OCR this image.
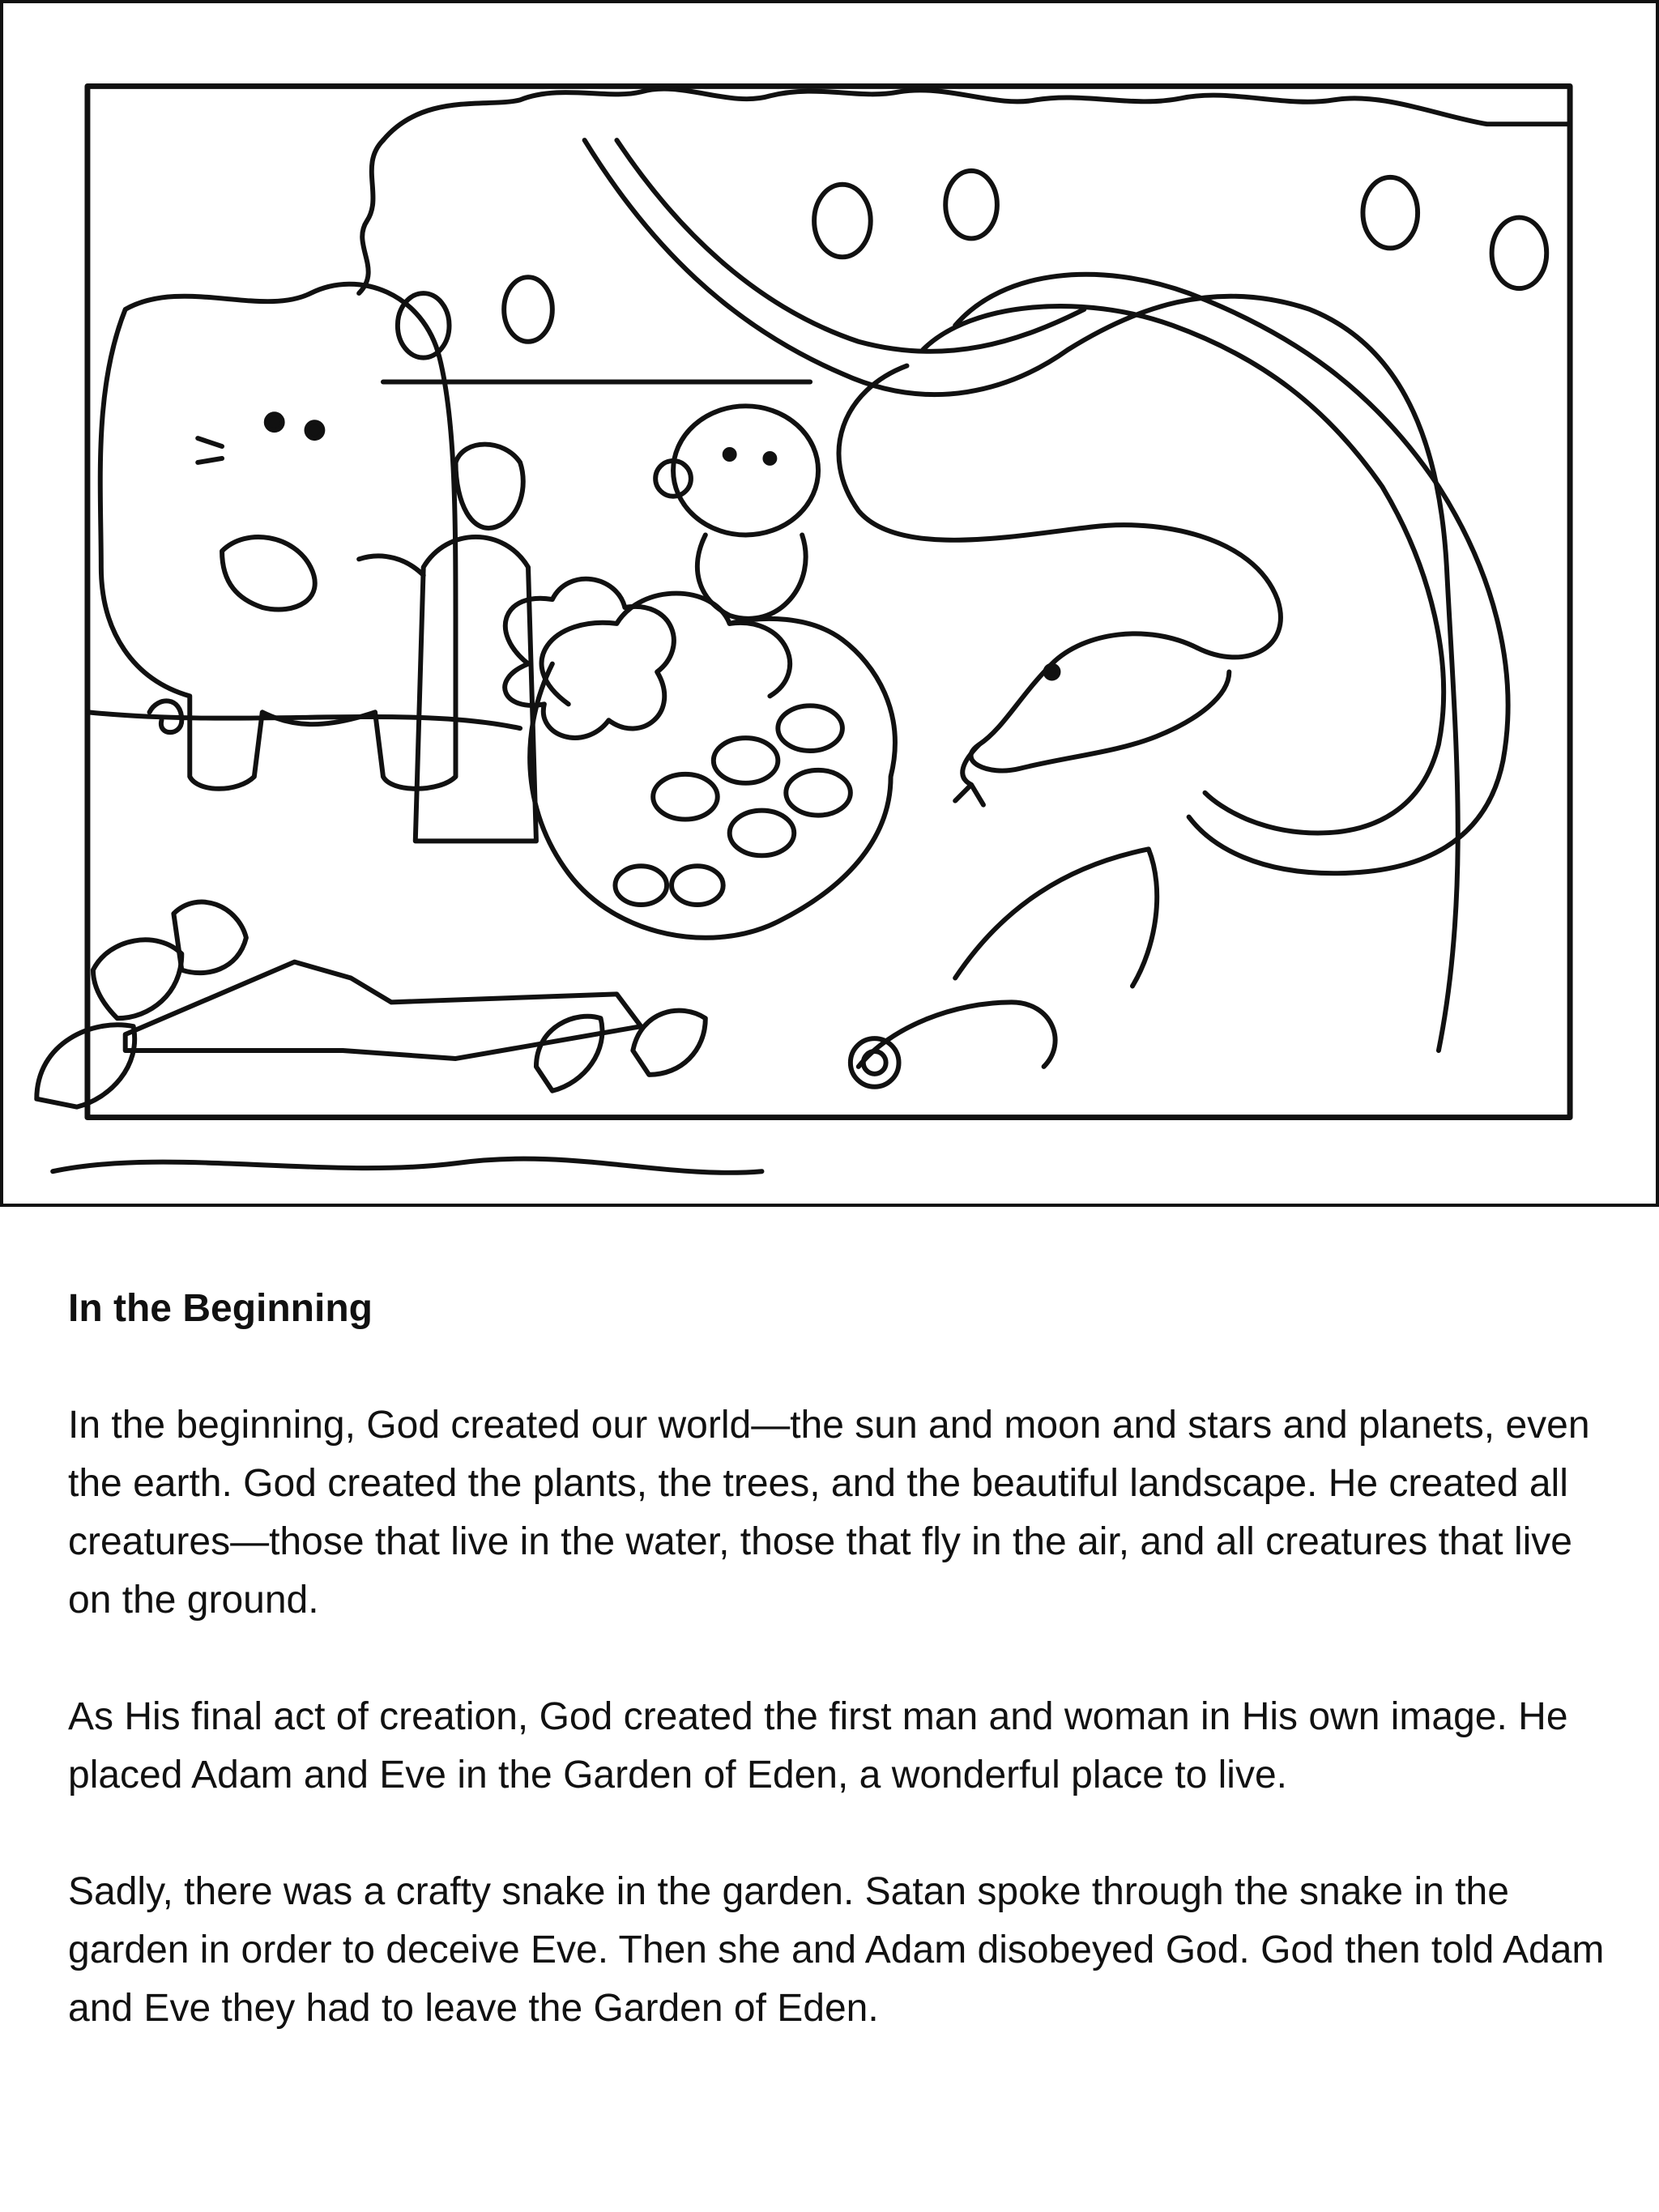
In the Beginning

In the beginning, God created our world—the sun and moon and stars and planets, even the earth. God created the plants, the trees, and the beautiful landscape. He created all creatures—those that live in the water, those that fly in the air, and all creatures that live on the ground.

As His final act of creation, God created the first man and woman in His own image. He placed Adam and Eve in the Garden of Eden, a wonderful place to live.

Sadly, there was a crafty snake in the garden. Satan spoke through the snake in the garden in order to deceive Eve. Then she and Adam disobeyed God. God then told Adam and Eve they had to leave the Garden of Eden.
